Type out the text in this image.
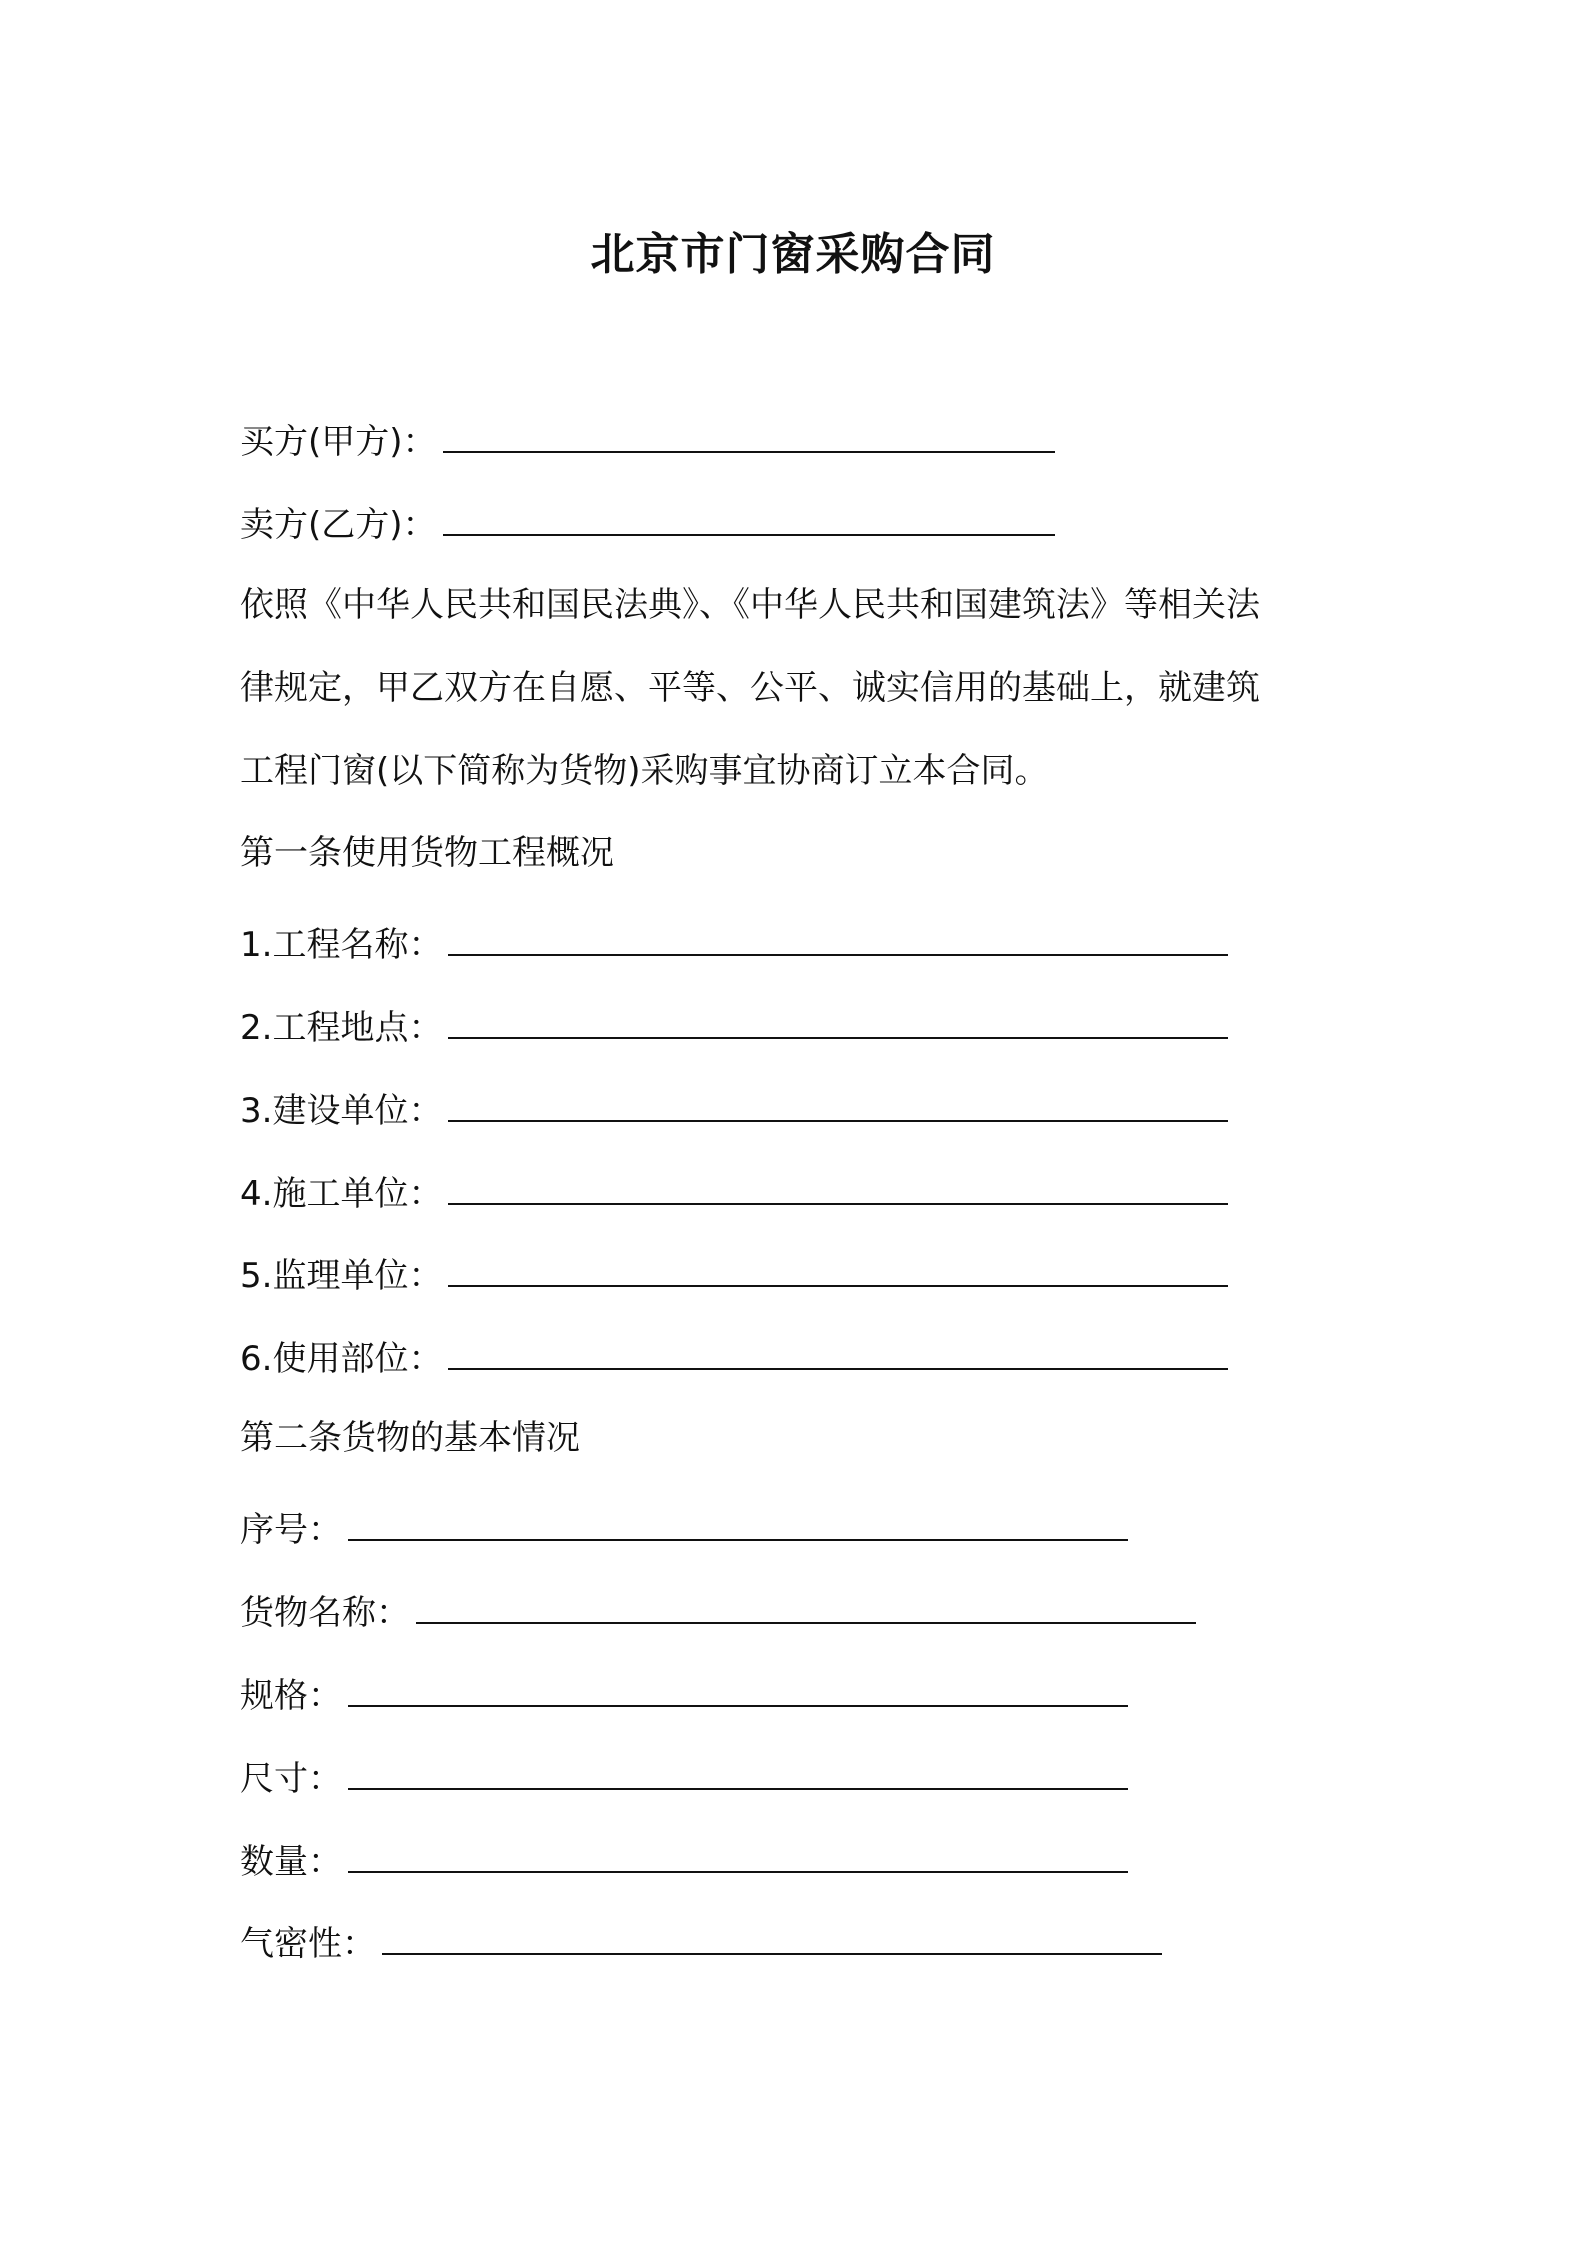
北京市门窗采购合同
买方(甲方)：
卖方(乙方)：
依照《中华人民共和国民法典》、《中华人民共和国建筑法》等相关法
律规定，甲乙双方在自愿、平等、公平、诚实信用的基础上，就建筑
工程门窗(以下简称为货物)采购事宜协商订立本合同。
第一条使用货物工程概况
1.工程名称：
2.工程地点：
3.建设单位：
4.施工单位：
5.监理单位：
6.使用部位：
第二条货物的基本情况
序号：
货物名称：
规格：
尺寸：
数量：
气密性：
